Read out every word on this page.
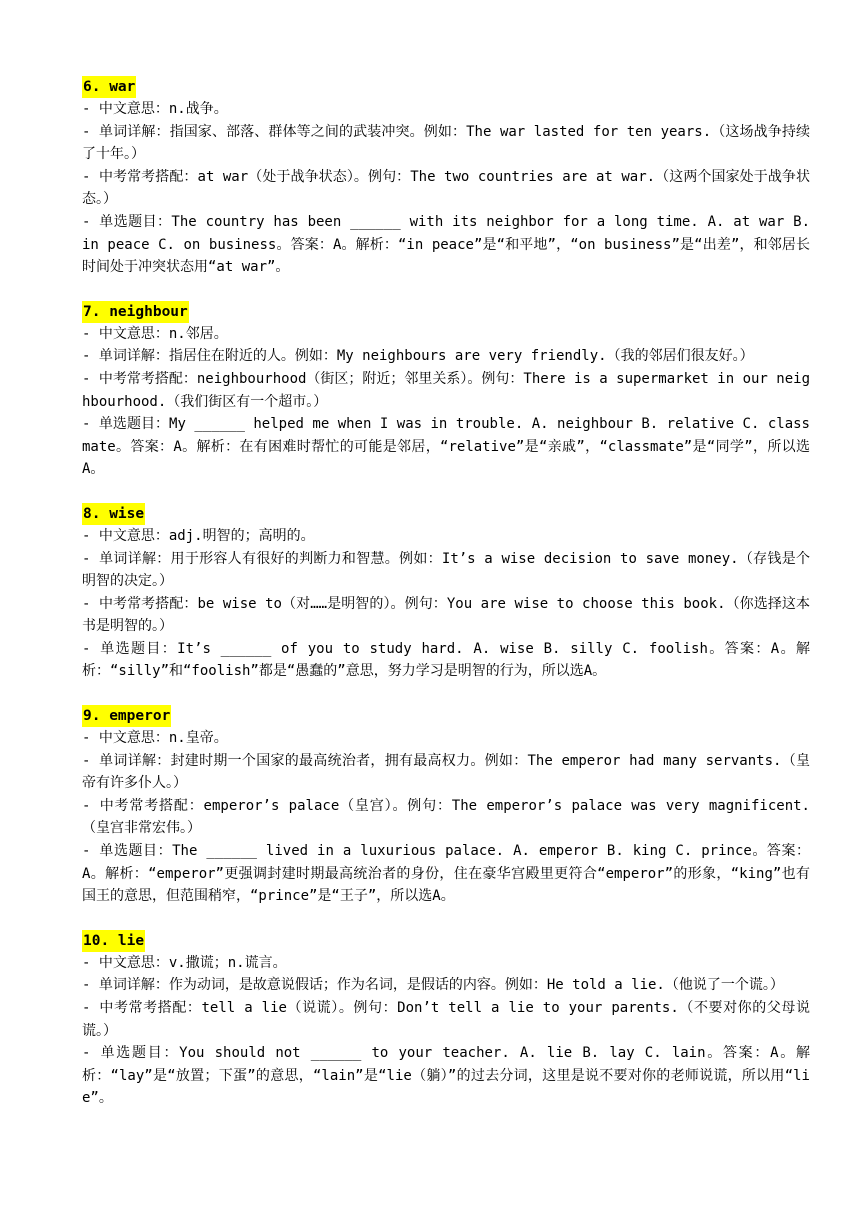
6. war

- 中文意思：n.战争。

- 单词详解：指国家、部落、群体等之间的武装冲突。例如：The war lasted for ten years.（这场战争持续了十年。）

- 中考常考搭配：at war（处于战争状态）。例句：The two countries are at war.（这两个国家处于战争状态。）

- 单选题目：The country has been ______ with its neighbor for a long time. A. at war B. in peace C. on business。答案：A。解析：“in peace”是“和平地”，“on business”是“出差”，和邻居长时间处于冲突状态用“at war”。

7. neighbour

- 中文意思：n.邻居。

- 单词详解：指居住在附近的人。例如：My neighbours are very friendly.（我的邻居们很友好。）

- 中考常考搭配：neighbourhood（街区；附近；邻里关系）。例句：There is a supermarket in our neighbourhood.（我们街区有一个超市。）

- 单选题目：My ______ helped me when I was in trouble. A. neighbour B. relative C. classmate。答案：A。解析：在有困难时帮忙的可能是邻居，“relative”是“亲戚”，“classmate”是“同学”，所以选A。

8. wise

- 中文意思：adj.明智的；高明的。

- 单词详解：用于形容人有很好的判断力和智慧。例如：It’s a wise decision to save money.（存钱是个明智的决定。）

- 中考常考搭配：be wise to（对……是明智的）。例句：You are wise to choose this book.（你选择这本书是明智的。）

- 单选题目：It’s ______ of you to study hard. A. wise B. silly C. foolish。答案：A。解析：“silly”和“foolish”都是“愚蠢的”意思，努力学习是明智的行为，所以选A。

9. emperor

- 中文意思：n.皇帝。

- 单词详解：封建时期一个国家的最高统治者，拥有最高权力。例如：The emperor had many servants.（皇帝有许多仆人。）

- 中考常考搭配：emperor’s palace（皇宫）。例句：The emperor’s palace was very magnificent.（皇宫非常宏伟。）

- 单选题目：The ______ lived in a luxurious palace. A. emperor B. king C. prince。答案：A。解析：“emperor”更强调封建时期最高统治者的身份，住在豪华宫殿里更符合“emperor”的形象，“king”也有国王的意思，但范围稍窄，“prince”是“王子”，所以选A。

10. lie

- 中文意思：v.撒谎；n.谎言。

- 单词详解：作为动词，是故意说假话；作为名词，是假话的内容。例如：He told a lie.（他说了一个谎。）

- 中考常考搭配：tell a lie（说谎）。例句：Don’t tell a lie to your parents.（不要对你的父母说谎。）

- 单选题目：You should not ______ to your teacher. A. lie B. lay C. lain。答案：A。解析：“lay”是“放置；下蛋”的意思，“lain”是“lie（躺）”的过去分词，这里是说不要对你的老师说谎，所以用“lie”。
